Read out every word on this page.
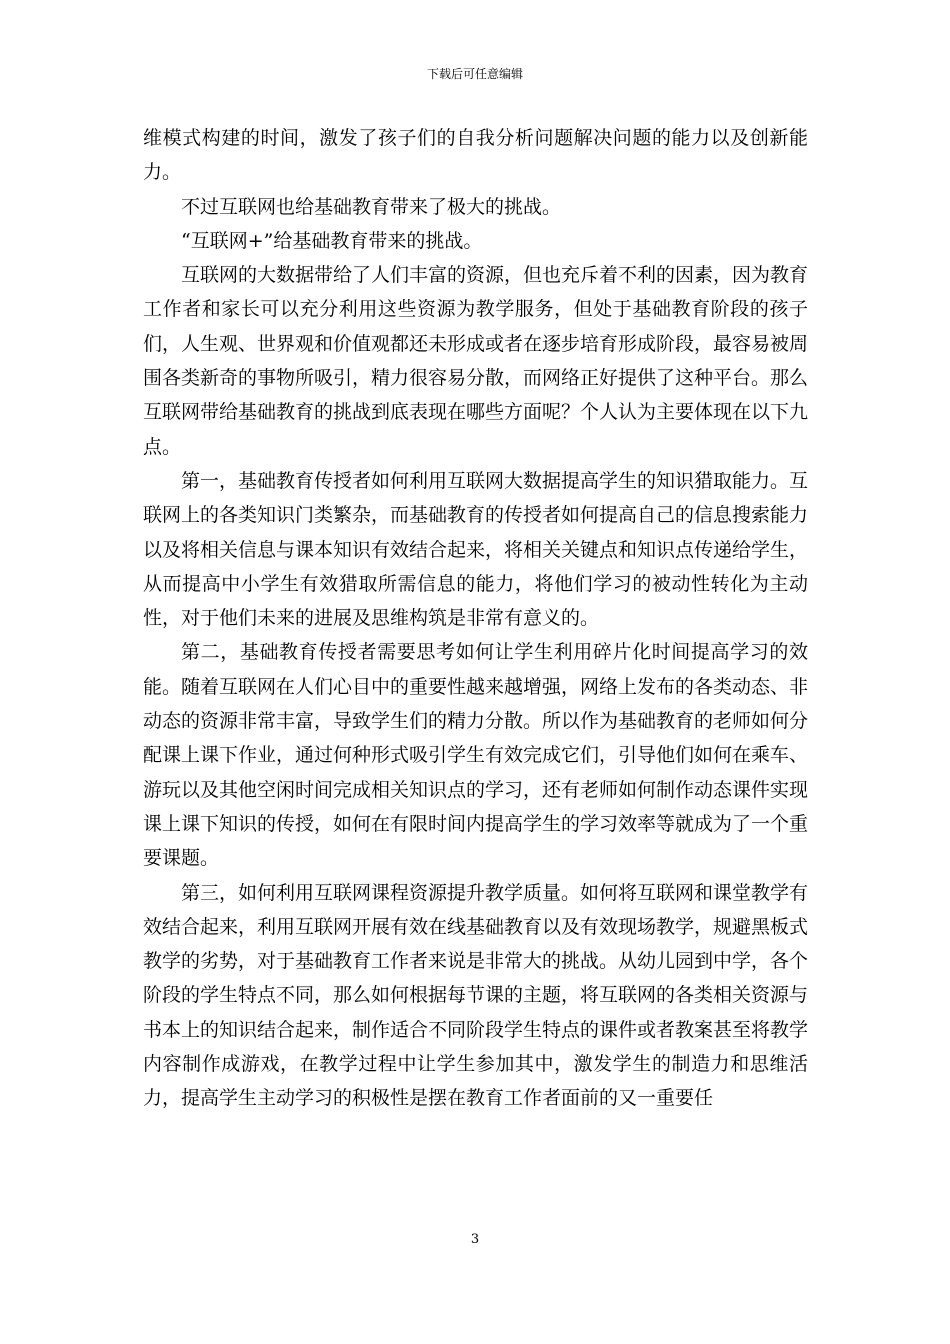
下载后可任意编辑

维模式构建的时间，激发了孩子们的自我分析问题解决问题的能力以及创新能力。

不过互联网也给基础教育带来了极大的挑战。

“互联网+”给基础教育带来的挑战。

互联网的大数据带给了人们丰富的资源，但也充斥着不利的因素，因为教育工作者和家长可以充分利用这些资源为教学服务，但处于基础教育阶段的孩子们，人生观、世界观和价值观都还未形成或者在逐步培育形成阶段，最容易被周围各类新奇的事物所吸引，精力很容易分散，而网络正好提供了这种平台。那么互联网带给基础教育的挑战到底表现在哪些方面呢？个人认为主要体现在以下九点。

第一，基础教育传授者如何利用互联网大数据提高学生的知识猎取能力。互联网上的各类知识门类繁杂，而基础教育的传授者如何提高自己的信息搜索能力以及将相关信息与课本知识有效结合起来，将相关关键点和知识点传递给学生，从而提高中小学生有效猎取所需信息的能力，将他们学习的被动性转化为主动性，对于他们未来的进展及思维构筑是非常有意义的。

第二，基础教育传授者需要思考如何让学生利用碎片化时间提高学习的效能。随着互联网在人们心目中的重要性越来越增强，网络上发布的各类动态、非动态的资源非常丰富，导致学生们的精力分散。所以作为基础教育的老师如何分配课上课下作业，通过何种形式吸引学生有效完成它们，引导他们如何在乘车、游玩以及其他空闲时间完成相关知识点的学习，还有老师如何制作动态课件实现课上课下知识的传授，如何在有限时间内提高学生的学习效率等就成为了一个重要课题。

第三，如何利用互联网课程资源提升教学质量。如何将互联网和课堂教学有效结合起来，利用互联网开展有效在线基础教育以及有效现场教学，规避黑板式教学的劣势，对于基础教育工作者来说是非常大的挑战。从幼儿园到中学，各个阶段的学生特点不同，那么如何根据每节课的主题，将互联网的各类相关资源与书本上的知识结合起来，制作适合不同阶段学生特点的课件或者教案甚至将教学内容制作成游戏，在教学过程中让学生参加其中，激发学生的制造力和思维活力，提高学生主动学习的积极性是摆在教育工作者面前的又一重要任

3
